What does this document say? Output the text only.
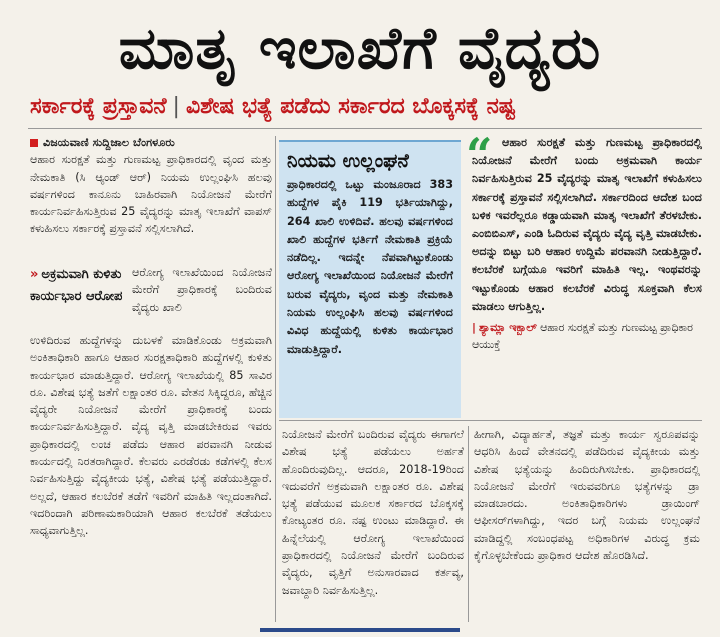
ಮಾತೃ ಇಲಾಖೆಗೆ ವೈದ್ಯರು
ಸರ್ಕಾರಕ್ಕೆ ಪ್ರಸ್ತಾವನೆ | ವಿಶೇಷ ಭತ್ಯೆ ಪಡೆದು ಸರ್ಕಾರದ ಬೊಕ್ಕಸಕ್ಕೆ ನಷ್ಟ

ವಿಜಯವಾಣಿ ಸುದ್ದಿಜಾಲ ಬೆಂಗಳೂರು

ಆಹಾರ ಸುರಕ್ಷತೆ ಮತ್ತು ಗುಣಮಟ್ಟ ಪ್ರಾಧಿಕಾರದಲ್ಲಿ ವೃಂದ ಮತ್ತು ನೇಮಕಾತಿ (ಸಿ ಆ್ಯಂಡ್ ಆರ್) ನಿಯಮ ಉಲ್ಲಂಘಿಸಿ ಹಲವು ವರ್ಷಗಳಿಂದ ಕಾನೂನು ಬಾಹಿರವಾಗಿ ನಿಯೋಜನೆ ಮೇರೆಗೆ ಕಾರ್ಯನಿರ್ವಹಿಸುತ್ತಿರುವ 25 ವೈದ್ಯರನ್ನು ಮಾತೃ ಇಲಾಖೆಗೆ ವಾಪಸ್ ಕಳುಹಿಸಲು ಸರ್ಕಾರಕ್ಕೆ ಪ್ರಸ್ತಾವನೆ ಸಲ್ಲಿಸಲಾಗಿದೆ.

» ಅಕ್ರಮವಾಗಿ ಕುಳಿತು ಕಾರ್ಯಭಾರ ಆರೋಪ

ಆರೋಗ್ಯ ಇಲಾಖೆಯಿಂದ ನಿಯೋಜನೆ ಮೇರೆಗೆ ಪ್ರಾಧಿಕಾರಕ್ಕೆ ಬಂದಿರುವ ವೈದ್ಯರು ಖಾಲಿ

ಉಳಿದಿರುವ ಹುದ್ದೆಗಳನ್ನು ದುಬಳಕೆ ಮಾಡಿಕೊಂಡು ಅಕ್ರಮವಾಗಿ ಅಂಕಿತಾಧಿಕಾರಿ ಹಾಗೂ ಆಹಾರ ಸುರಕ್ಷತಾಧಿಕಾರಿ ಹುದ್ದೆಗಳಲ್ಲಿ ಕುಳಿತು ಕಾರ್ಯಭಾರ ಮಾಡುತ್ತಿದ್ದಾರೆ. ಆರೋಗ್ಯ ಇಲಾಖೆಯಲ್ಲಿ 85 ಸಾವಿರ ರೂ. ವಿಶೇಷ ಭತ್ಯೆ ಜತೆಗೆ ಲಕ್ಷಾಂತರ ರೂ. ವೇತನ ಸಿಕ್ಕಿದ್ದರೂ, ಹೆಚ್ಚಿನ ವೈದ್ಯರೇ ನಿಯೋಜನೆ ಮೇರೆಗೆ ಪ್ರಾಧಿಕಾರಕ್ಕೆ ಬಂದು ಕಾರ್ಯನಿರ್ವಹಿಸುತ್ತಿದ್ದಾರೆ. ವೈದ್ಯ ವೃತ್ತಿ ಮಾಡಬೇಕಿರುವ ಇವರು ಪ್ರಾಧಿಕಾರದಲ್ಲಿ ಲಂಚ ಪಡೆದು ಆಹಾರ ಪರವಾನಗಿ ನೀಡುವ ಕಾರ್ಯದಲ್ಲಿ ನಿರತರಾಗಿದ್ದಾರೆ. ಕೆಲವರು ಎರಡೆರಡು ಕಡೆಗಳಲ್ಲಿ ಕೆಲಸ ನಿರ್ವಹಿಸುತ್ತಿದ್ದು ವೈದ್ಯಕೀಯ ಭತ್ಯೆ, ವಿಶೇಷ ಭತ್ಯೆ ಪಡೆಯುತ್ತಿದ್ದಾರೆ. ಅಲ್ಲದೆ, ಆಹಾರ ಕಲಬೆರಕೆ ತಡೆಗೆ ಇವರಿಗೆ ಮಾಹಿತಿ ಇಲ್ಲದಂತಾಗಿದೆ. ಇದರಿಂದಾಗಿ ಪರಿಣಾಮಕಾರಿಯಾಗಿ ಆಹಾರ ಕಲಬೆರಕೆ ತಡೆಯಲು ಸಾಧ್ಯವಾಗುತ್ತಿಲ್ಲ.

ನಿಯಮ ಉಲ್ಲಂಘನೆ
ಪ್ರಾಧಿಕಾರದಲ್ಲಿ ಒಟ್ಟು ಮಂಜೂರಾದ 383 ಹುದ್ದೆಗಳ ಪೈಕಿ 119 ಭರ್ತಿಯಾಗಿದ್ದು, 264 ಖಾಲಿ ಉಳಿದಿವೆ. ಹಲವು ವರ್ಷಗಳಿಂದ ಖಾಲಿ ಹುದ್ದೆಗಳ ಭರ್ತಿಗೆ ನೇಮಕಾತಿ ಪ್ರಕ್ರಿಯೆ ನಡೆದಿಲ್ಲ. ಇದನ್ನೇ ನೆಪವಾಗಿಟ್ಟುಕೊಂಡು ಆರೋಗ್ಯ ಇಲಾಖೆಯಿಂದ ನಿಯೋಜನೆ ಮೇರೆಗೆ ಬರುವ ವೈದ್ಯರು, ವೃಂದ ಮತ್ತು ನೇಮಕಾತಿ ನಿಯಮ ಉಲ್ಲಂಘಿಸಿ ಹಲವು ವರ್ಷಗಳಿಂದ ವಿವಿಧ ಹುದ್ದೆಯಲ್ಲಿ ಕುಳಿತು ಕಾರ್ಯಭಾರ ಮಾಡುತ್ತಿದ್ದಾರೆ.
“ ಆಹಾರ ಸುರಕ್ಷತೆ ಮತ್ತು ಗುಣಮಟ್ಟ ಪ್ರಾಧಿಕಾರದಲ್ಲಿ ನಿಯೋಜನೆ ಮೇರೆಗೆ ಬಂದು ಅಕ್ರಮವಾಗಿ ಕಾರ್ಯ ನಿರ್ವಹಿಸುತ್ತಿರುವ 25 ವೈದ್ಯರನ್ನು ಮಾತೃ ಇಲಾಖೆಗೆ ಕಳುಹಿಸಲು ಸರ್ಕಾರಕ್ಕೆ ಪ್ರಸ್ತಾವನೆ ಸಲ್ಲಿಸಲಾಗಿದೆ. ಸರ್ಕಾರದಿಂದ ಆದೇಶ ಬಂದ ಬಳಿಕ ಇವರೆಲ್ಲರೂ ಕಡ್ಡಾಯವಾಗಿ ಮಾತೃ ಇಲಾಖೆಗೆ ತೆರಳಬೇಕು. ಎಂಬಿಬಿಎಸ್, ಎಂಡಿ ಓದಿರುವ ವೈದ್ಯರು ವೈದ್ಯ ವೃತ್ತಿ ಮಾಡಬೇಕು. ಅದನ್ನು ಬಿಟ್ಟು ಬರಿ ಆಹಾರ ಉದ್ದಿಮೆ ಪರವಾನಗಿ ನೀಡುತ್ತಿದ್ದಾರೆ. ಕಲಬೆರಕೆ ಬಗ್ಗೆಯೂ ಇವರಿಗೆ ಮಾಹಿತಿ ಇಲ್ಲ. ಇಂಥವರನ್ನು ಇಟ್ಟುಕೊಂಡು ಆಹಾರ ಕಲಬೆರಕೆ ವಿರುದ್ಧ ಸೂಕ್ತವಾಗಿ ಕೆಲಸ ಮಾಡಲು ಆಗುತ್ತಿಲ್ಲ.
| ಶ್ಯಾಮ್ಲಾ ಇಕ್ಬಾಲ್ ಆಹಾರ ಸುರಕ್ಷತೆ ಮತ್ತು ಗುಣಮಟ್ಟ ಪ್ರಾಧಿಕಾರ ಆಯುಕ್ತೆ

ನಿಯೋಜನೆ ಮೇರೆಗೆ ಬಂದಿರುವ ವೈದ್ಯರು ಈಗಾಗಲೆ ವಿಶೇಷ ಭತ್ಯೆ ಪಡೆಯಲು ಅರ್ಹತೆ ಹೊಂದಿರುವುದಿಲ್ಲ. ಆದರೂ, 2018-19ರಿಂದ ಇದುವರೆಗೆ ಅಕ್ರಮವಾಗಿ ಲಕ್ಷಾಂತರ ರೂ. ವಿಶೇಷ ಭತ್ಯೆ ಪಡೆಯುವ ಮೂಲಕ ಸರ್ಕಾರದ ಬೊಕ್ಕಸಕ್ಕೆ ಕೋಟ್ಯಂತರ ರೂ. ನಷ್ಟ ಉಂಟು ಮಾಡಿದ್ದಾರೆ. ಈ ಹಿನ್ನೆಲೆಯಲ್ಲಿ ಆರೋಗ್ಯ ಇಲಾಖೆಯಿಂದ ಪ್ರಾಧಿಕಾರದಲ್ಲಿ ನಿಯೋಜನೆ ಮೇರೆಗೆ ಬಂದಿರುವ ವೈದ್ಯರು, ವೃತ್ತಿಗೆ ಅನುಸಾರವಾದ ಕರ್ತವ್ಯ, ಜವಾಬ್ದಾರಿ ನಿರ್ವಹಿಸುತ್ತಿಲ್ಲ.

ಹೀಗಾಗಿ, ವಿದ್ಯಾರ್ಹತೆ, ತಜ್ಞತೆ ಮತ್ತು ಕಾರ್ಯ ಸ್ವರೂಪವನ್ನು ಆಧರಿಸಿ ಹಿಂದೆ ವೇತನದಲ್ಲಿ ಪಡೆದಿರುವ ವೈದ್ಯಕೀಯ ಮತ್ತು ವಿಶೇಷ ಭತ್ಯೆಯನ್ನು ಹಿಂದಿರುಗಿಸಬೇಕು. ಪ್ರಾಧಿಕಾರದಲ್ಲಿ ನಿಯೋಜನೆ ಮೇರೆಗೆ ಇರುವವರಿಗೂ ಭತ್ಯೆಗಳನ್ನು ಡ್ರಾ ಮಾಡಬಾರದು. ಅಂಕಿತಾಧಿಕಾರಿಗಳು ಡ್ರಾಯಿಂಗ್ ಆಫೀಸರ್‌ಗಳಾಗಿದ್ದು, ಇದರ ಬಗ್ಗೆ ನಿಯಮ ಉಲ್ಲಂಘನೆ ಮಾಡಿದ್ದಲ್ಲಿ ಸಂಬಂಧಪಟ್ಟ ಅಧಿಕಾರಿಗಳ ವಿರುದ್ಧ ಕ್ರಮ ಕೈಗೊಳ್ಳಬೇಕೆಂದು ಪ್ರಾಧಿಕಾರ ಆದೇಶ ಹೊರಡಿಸಿದೆ.
